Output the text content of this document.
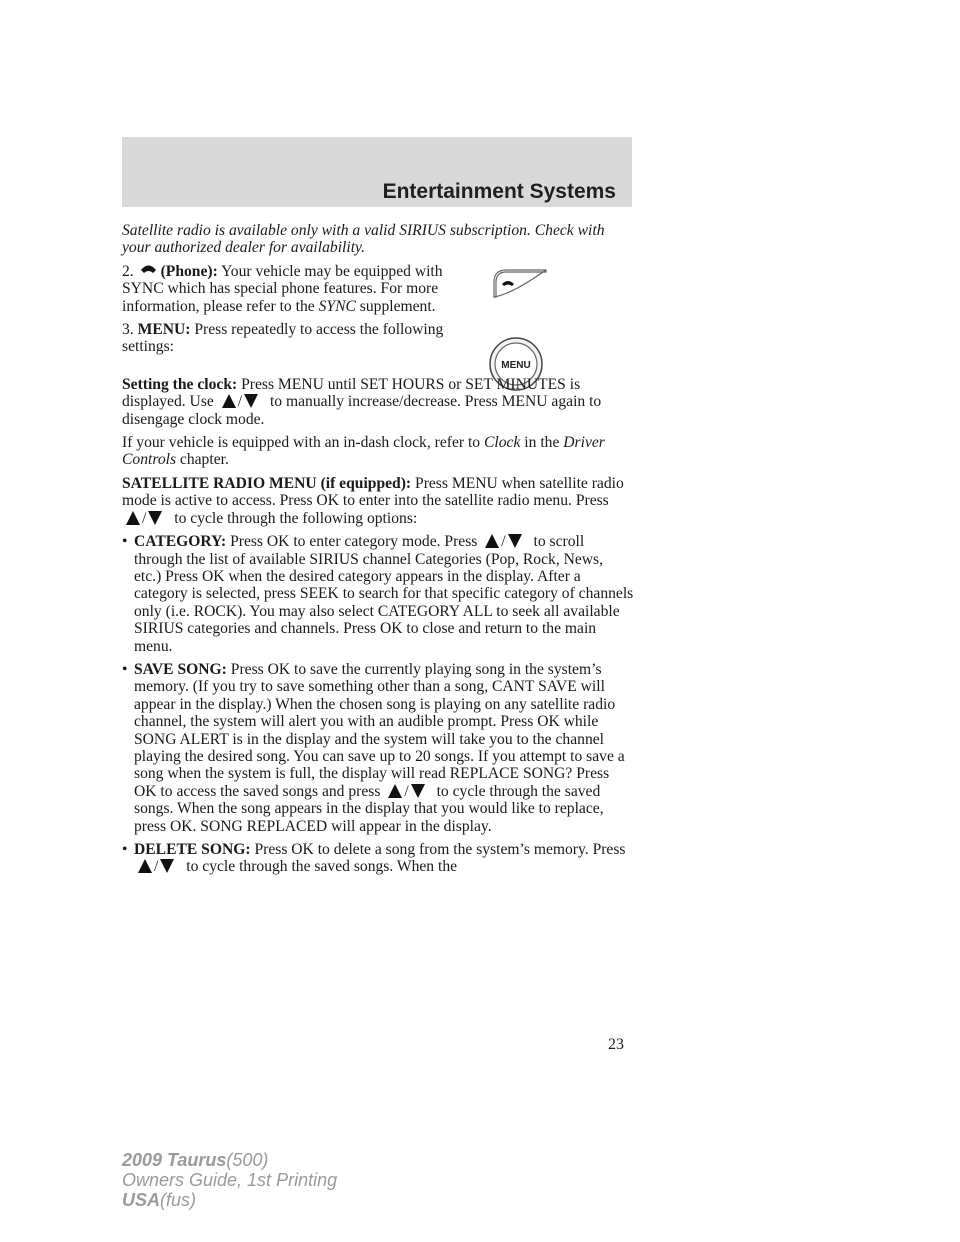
Entertainment Systems
MENU

Satellite radio is available only with a valid SIRIUS subscription. Check with your authorized dealer for availability.

2. (Phone): Your vehicle may be equipped with SYNC which has special phone features. For more information, please refer to the SYNC supplement.

3. MENU: Press repeatedly to access the following settings:

Setting the clock: Press MENU until SET HOURS or SET MINUTES is displayed. Use / to manually increase/decrease. Press MENU again to disengage clock mode.

If your vehicle is equipped with an in-dash clock, refer to Clock in the Driver Controls chapter.

SATELLITE RADIO MENU (if equipped): Press MENU when satellite radio mode is active to access. Press OK to enter into the satellite radio menu. Press / to cycle through the following options:

• CATEGORY: Press OK to enter category mode. Press / to scroll through the list of available SIRIUS channel Categories (Pop, Rock, News, etc.) Press OK when the desired category appears in the display. After a category is selected, press SEEK to search for that specific category of channels only (i.e. ROCK). You may also select CATEGORY ALL to seek all available SIRIUS categories and channels. Press OK to close and return to the main menu.
• SAVE SONG: Press OK to save the currently playing song in the system’s memory. (If you try to save something other than a song, CANT SAVE will appear in the display.) When the chosen song is playing on any satellite radio channel, the system will alert you with an audible prompt. Press OK while SONG ALERT is in the display and the system will take you to the channel playing the desired song. You can save up to 20 songs. If you attempt to save a song when the system is full, the display will read REPLACE SONG? Press OK to access the saved songs and press / to cycle through the saved songs. When the song appears in the display that you would like to replace, press OK. SONG REPLACED will appear in the display.
• DELETE SONG: Press OK to delete a song from the system’s memory. Press / to cycle through the saved songs. When the
23
2009 Taurus(500)
Owners Guide, 1st Printing
USA(fus)
